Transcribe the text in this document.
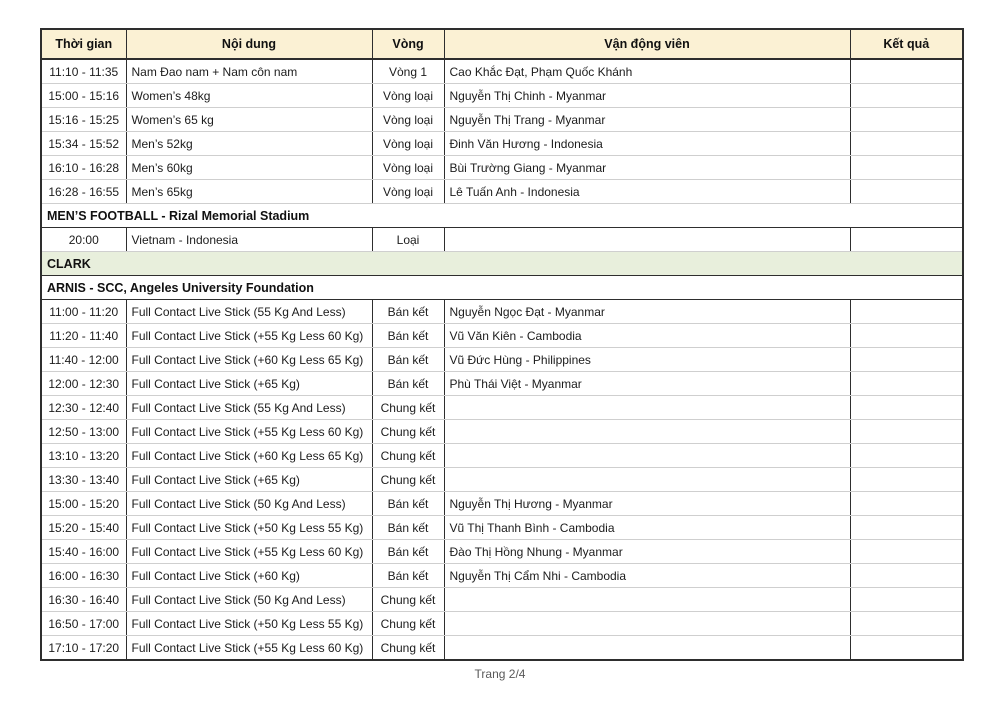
Thời gian	Nội dung	Vòng	Vận động viên	Kết quả
11:10 - 11:35	Nam Đao nam + Nam côn nam	Vòng 1	Cao Khắc Đạt, Phạm Quốc Khánh	
15:00 - 15:16	Women’s 48kg	Vòng loại	Nguyễn Thị Chinh - Myanmar	
15:16 - 15:25	Women’s 65 kg	Vòng loại	Nguyễn Thị Trang - Myanmar	
15:34 - 15:52	Men’s 52kg	Vòng loại	Đinh Văn Hương - Indonesia	
16:10 - 16:28	Men’s 60kg	Vòng loại	Bùi Trường Giang - Myanmar	
16:28 - 16:55	Men’s 65kg	Vòng loại	Lê Tuấn Anh - Indonesia	
MEN’S FOOTBALL - Rizal Memorial Stadium				
20:00	Vietnam - Indonesia	Loại		
CLARK				
ARNIS - SCC, Angeles University Foundation				
11:00 - 11:20	Full Contact Live Stick (55 Kg And Less)	Bán kết	Nguyễn Ngọc Đạt - Myanmar	
11:20 - 11:40	Full Contact Live Stick (+55 Kg Less 60 Kg)	Bán kết	Vũ Văn Kiên - Cambodia	
11:40 - 12:00	Full Contact Live Stick (+60 Kg Less 65 Kg)	Bán kết	Vũ Đức Hùng - Philippines	
12:00 - 12:30	Full Contact Live Stick (+65 Kg)	Bán kết	Phù Thái Việt - Myanmar	
12:30 - 12:40	Full Contact Live Stick (55 Kg And Less)	Chung kết		
12:50 - 13:00	Full Contact Live Stick (+55 Kg Less 60 Kg)	Chung kết		
13:10 - 13:20	Full Contact Live Stick (+60 Kg Less 65 Kg)	Chung kết		
13:30 - 13:40	Full Contact Live Stick (+65 Kg)	Chung kết		
15:00 - 15:20	Full Contact Live Stick (50 Kg And Less)	Bán kết	Nguyễn Thị Hương - Myanmar	
15:20 - 15:40	Full Contact Live Stick (+50 Kg Less 55 Kg)	Bán kết	Vũ Thị Thanh Bình - Cambodia	
15:40 - 16:00	Full Contact Live Stick (+55 Kg Less 60 Kg)	Bán kết	Đào Thị Hồng Nhung - Myanmar	
16:00 - 16:30	Full Contact Live Stick (+60 Kg)	Bán kết	Nguyễn Thị Cẩm Nhi - Cambodia	
16:30 - 16:40	Full Contact Live Stick (50 Kg And Less)	Chung kết		
16:50 - 17:00	Full Contact Live Stick (+50 Kg Less 55 Kg)	Chung kết		
17:10 - 17:20	Full Contact Live Stick (+55 Kg Less 60 Kg)	Chung kết		
Trang 2/4
